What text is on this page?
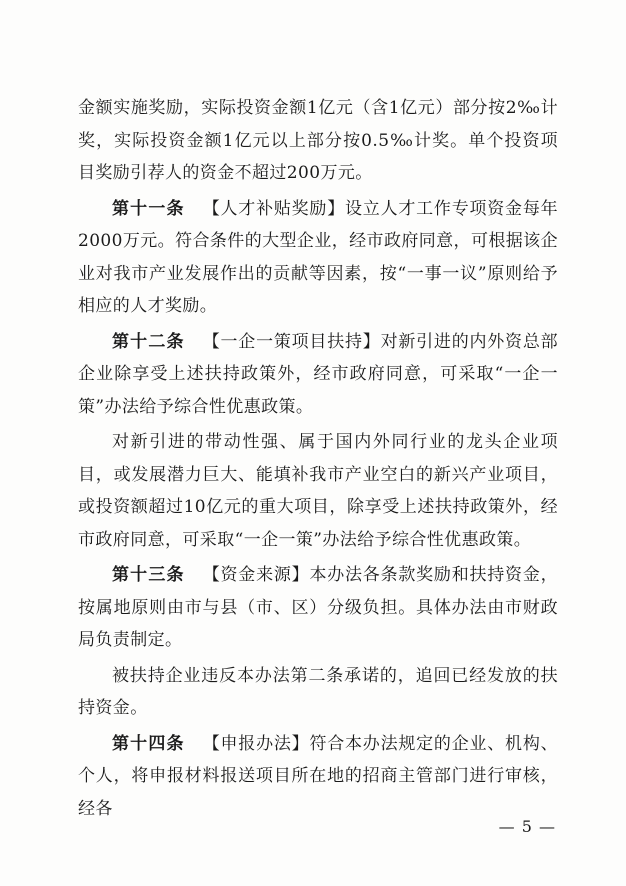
金额实施奖励，实际投资金额1亿元（含1亿元）部分按2‰计奖，实际投资金额1亿元以上部分按0.5‰计奖。单个投资项目奖励引荐人的资金不超过200万元。

第十一条 【人才补贴奖励】设立人才工作专项资金每年2000万元。符合条件的大型企业，经市政府同意，可根据该企业对我市产业发展作出的贡献等因素，按“一事一议”原则给予相应的人才奖励。

第十二条 【一企一策项目扶持】对新引进的内外资总部企业除享受上述扶持政策外，经市政府同意，可采取“一企一策”办法给予综合性优惠政策。

对新引进的带动性强、属于国内外同行业的龙头企业项目，或发展潜力巨大、能填补我市产业空白的新兴产业项目，或投资额超过10亿元的重大项目，除享受上述扶持政策外，经市政府同意，可采取“一企一策”办法给予综合性优惠政策。

第十三条 【资金来源】本办法各条款奖励和扶持资金，按属地原则由市与县（市、区）分级负担。具体办法由市财政局负责制定。

被扶持企业违反本办法第二条承诺的，追回已经发放的扶持资金。

第十四条 【申报办法】符合本办法规定的企业、机构、个人，将申报材料报送项目所在地的招商主管部门进行审核，经各

— 5 —
